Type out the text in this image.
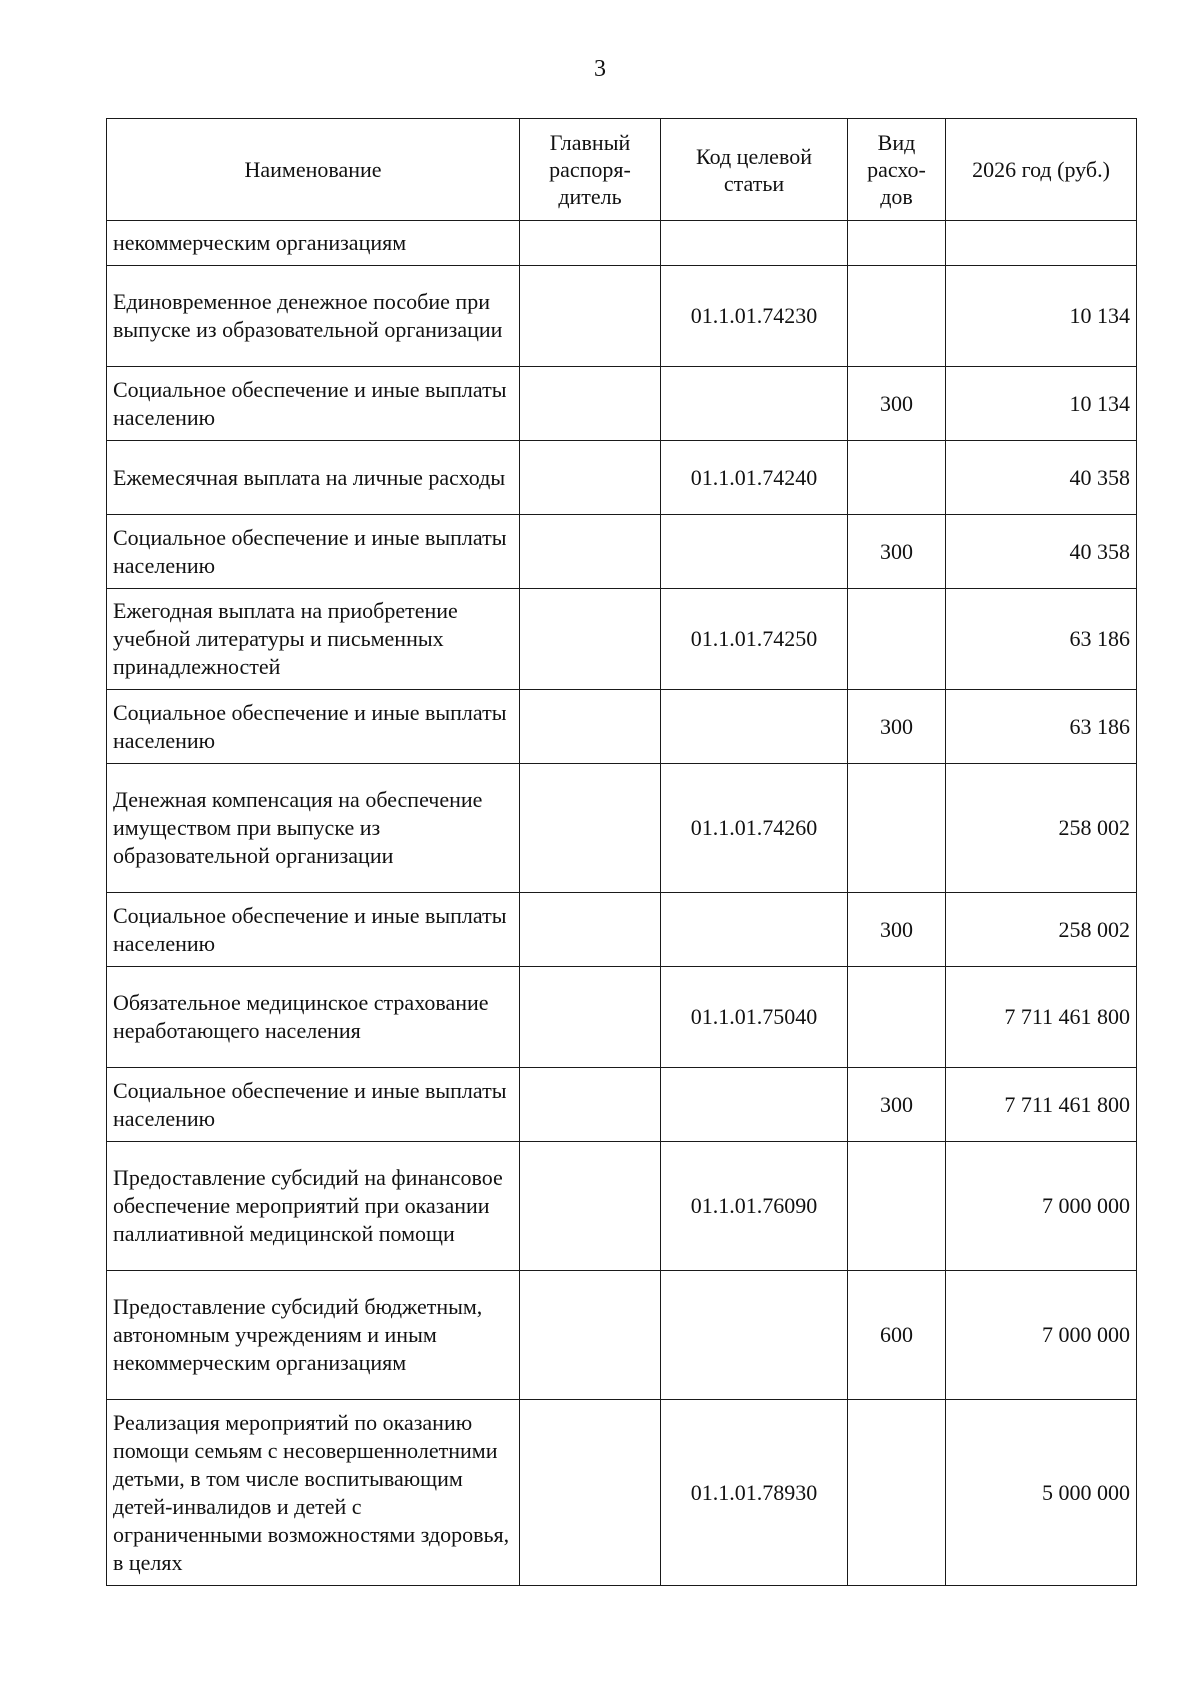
3
Наименование	Главный распоря-дитель	Код целевой статьи	Вид расхо-дов	2026 год (руб.)
некоммерческим организациям				
Единовременное денежное пособие при выпуске из образовательной организации		01.1.01.74230		10 134
Социальное обеспечение и иные выплаты населению			300	10 134
Ежемесячная выплата на личные расходы		01.1.01.74240		40 358
Социальное обеспечение и иные выплаты населению			300	40 358
Ежегодная выплата на приобретение учебной литературы и письменных принадлежностей		01.1.01.74250		63 186
Социальное обеспечение и иные выплаты населению			300	63 186
Денежная компенсация на обеспечение имуществом при выпуске из образовательной организации		01.1.01.74260		258 002
Социальное обеспечение и иные выплаты населению			300	258 002
Обязательное медицинское страхование неработающего населения		01.1.01.75040		7 711 461 800
Социальное обеспечение и иные выплаты населению			300	7 711 461 800
Предоставление субсидий на финансовое обеспечение мероприятий при оказании паллиативной медицинской помощи		01.1.01.76090		7 000 000
Предоставление субсидий бюджетным, автономным учреждениям и иным некоммерческим организациям			600	7 000 000
Реализация мероприятий по оказанию помощи семьям с несовершеннолетними детьми, в том числе воспитывающим детей-инвалидов и детей с ограниченными возможностями здоровья, в целях		01.1.01.78930		5 000 000
